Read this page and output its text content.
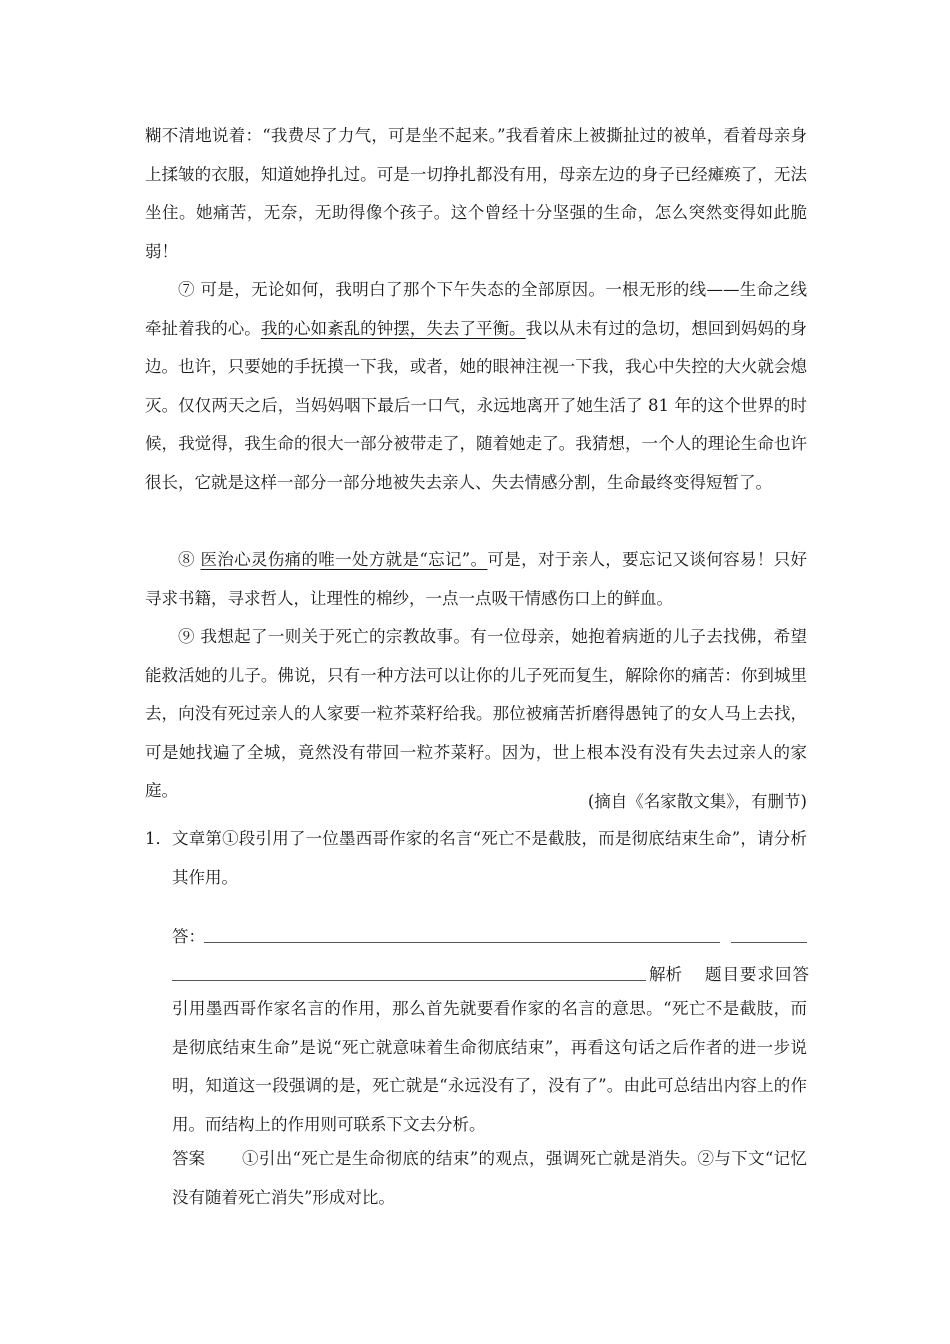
糊不清地说着：“我费尽了力气，可是坐不起来。”我看着床上被撕扯过的被单，看着母亲身上揉皱的衣服，知道她挣扎过。可是一切挣扎都没有用，母亲左边的身子已经瘫痪了，无法坐住。她痛苦，无奈，无助得像个孩子。这个曾经十分坚强的生命，怎么突然变得如此脆弱！

⑦ 可是，无论如何，我明白了那个下午失态的全部原因。一根无形的线——生命之线牵扯着我的心。我的心如紊乱的钟摆，失去了平衡。我以从未有过的急切，想回到妈妈的身边。也许，只要她的手抚摸一下我，或者，她的眼神注视一下我，我心中失控的大火就会熄灭。仅仅两天之后，当妈妈咽下最后一口气，永远地离开了她生活了 81 年的这个世界的时候，我觉得，我生命的很大一部分被带走了，随着她走了。我猜想，一个人的理论生命也许很长，它就是这样一部分一部分地被失去亲人、失去情感分割，生命最终变得短暂了。

⑧ 医治心灵伤痛的唯一处方就是“忘记”。可是，对于亲人，要忘记又谈何容易！只好寻求书籍，寻求哲人，让理性的棉纱，一点一点吸干情感伤口上的鲜血。

⑨ 我想起了一则关于死亡的宗教故事。有一位母亲，她抱着病逝的儿子去找佛，希望能救活她的儿子。佛说，只有一种方法可以让你的儿子死而复生，解除你的痛苦：你到城里去，向没有死过亲人的人家要一粒芥菜籽给我。那位被痛苦折磨得愚钝了的女人马上去找，可是她找遍了全城，竟然没有带回一粒芥菜籽。因为，世上根本没有没有失去过亲人的家庭。

(摘自《名家散文集》，有删节)
1． 文章第①段引用了一位墨西哥作家的名言“死亡不是截肢，而是彻底结束生命”，请分析其作用。

答：
解析 题目要求回答

引用墨西哥作家名言的作用，那么首先就要看作家的名言的意思。“死亡不是截肢，而是彻底结束生命”是说“死亡就意味着生命彻底结束”，再看这句话之后作者的进一步说明，知道这一段强调的是，死亡就是“永远没有了，没有了”。由此可总结出内容上的作用。而结构上的作用则可联系下文去分析。

答案	①引出“死亡是生命彻底的结束”的观点，强调死亡就是消失。②与下文“记忆没有随着死亡消失”形成对比。
